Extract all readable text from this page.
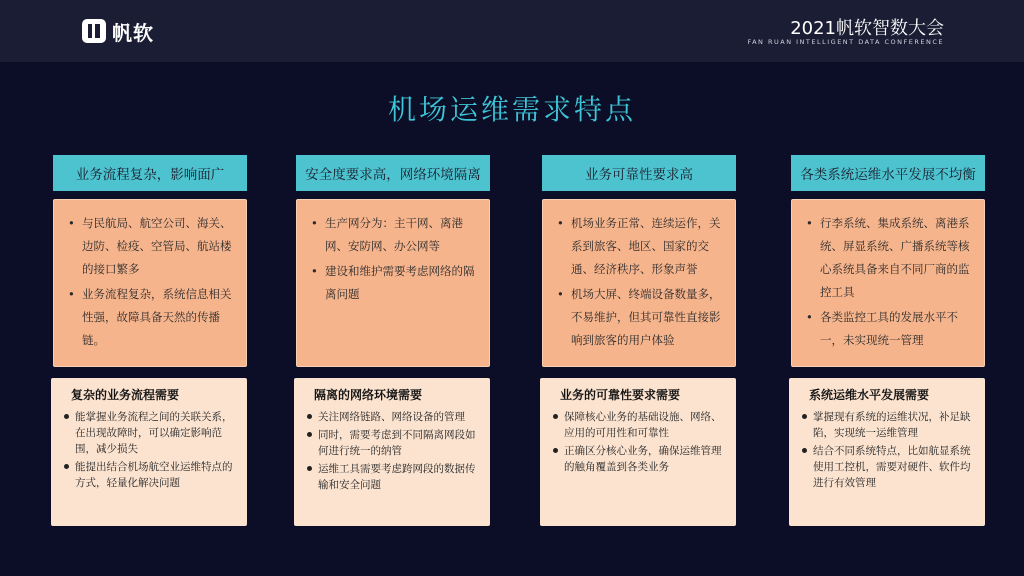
帆软	2021帆软智数大会
FAN RUAN INTELLIGENT DATA CONFERENCE
机场运维需求特点
业务流程复杂，影响面广
• 与民航局、航空公司、海关、边防、检疫、空管局、航站楼的接口繁多
• 业务流程复杂，系统信息相关性强，故障具备天然的传播链。
复杂的业务流程需要
能掌握业务流程之间的关联关系，在出现故障时，可以确定影响范围，减少损失
能提出结合机场航空业运维特点的方式，轻量化解决问题
安全度要求高，网络环境隔离
• 生产网分为：主干网、离港网、安防网、办公网等
• 建设和维护需要考虑网络的隔离问题
隔离的网络环境需要
关注网络链路、网络设备的管理
同时，需要考虑到不同隔离网段如何进行统一的纳管
运维工具需要考虑跨网段的数据传输和安全问题
业务可靠性要求高
• 机场业务正常、连续运作，关系到旅客、地区、国家的交通、经济秩序、形象声誉
• 机场大屏、终端设备数量多，不易维护，但其可靠性直接影响到旅客的用户体验
业务的可靠性要求需要
保障核心业务的基础设施、网络、应用的可用性和可靠性
正确区分核心业务，确保运维管理的触角覆盖到各类业务
各类系统运维水平发展不均衡
• 行李系统、集成系统、离港系统、屏显系统、广播系统等核心系统具备来自不同厂商的监控工具
• 各类监控工具的发展水平不一，未实现统一管理
系统运维水平发展需要
掌握现有系统的运维状况，补足缺陷，实现统一运维管理
结合不同系统特点，比如航显系统使用工控机，需要对硬件、软件均进行有效管理
